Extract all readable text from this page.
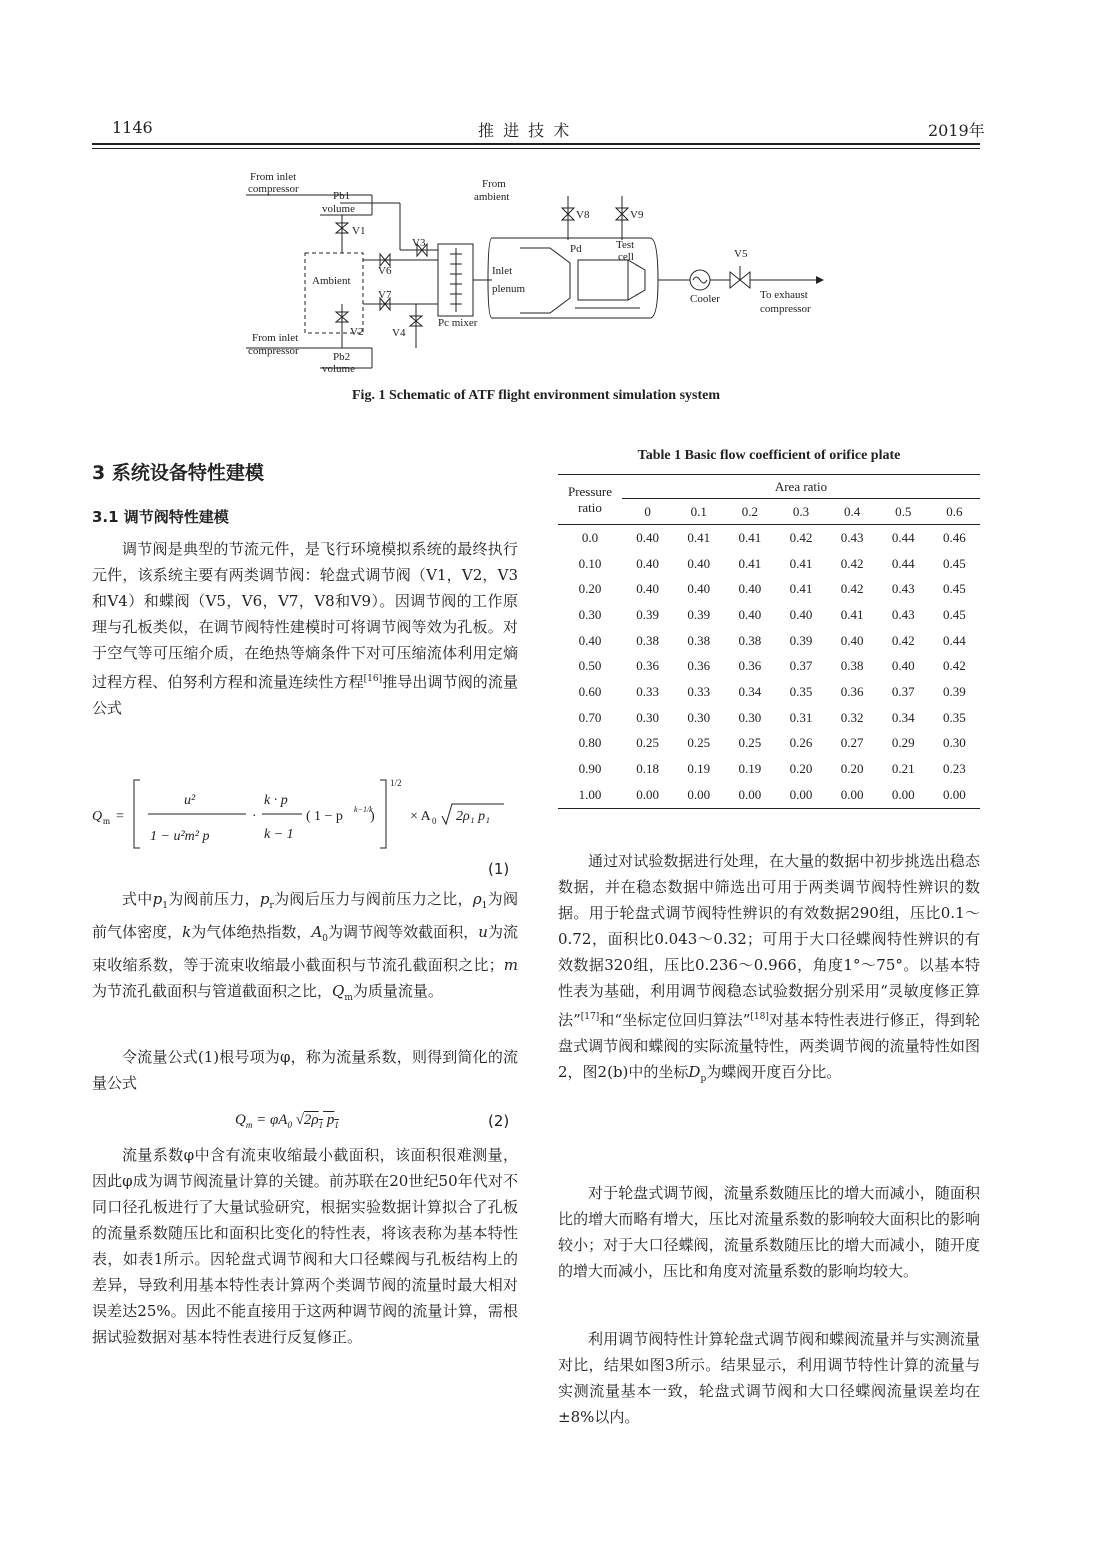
1146	推 进 技 术	2019年
From inlet
compressor
Pb1
volume
V1
Ambient
V6
V7
V3
V2	V4
From inlet
compressor	Pb2
volume
Pc mixer
From
ambient
Inlet
plenum
V8	V9
Pd	Test
cell	V5
Cooler	To exhaust
compressor
Fig. 1 Schematic of ATF flight environment simulation system
3 系统设备特性建模
3.1 调节阀特性建模

调节阀是典型的节流元件，是飞行环境模拟系统的最终执行元件，该系统主要有两类调节阀：轮盘式调节阀（V1，V2，V3和V4）和蝶阀（V5，V6，V7，V8和V9）。因调节阀的工作原理与孔板类似，在调节阀特性建模时可将调节阀等效为孔板。对于空气等可压缩介质，在绝热等熵条件下对可压缩流体利用定熵过程方程、伯努利方程和流量连续性方程[16]推导出调节阀的流量公式

Q m =
u²
1 − u²m² p
·
k · p
k − 1
( 1 − p k−1/k
)
1/2
× A 0 2ρ₁ p₁
(1)

式中$p_1$为阀前压力，$p_r$为阀后压力与阀前压力之比，$\rho_1$为阀前气体密度，k为气体绝热指数，$A_0$为调节阀等效截面积，u为流束收缩系数，等于流束收缩最小截面积与节流孔截面积之比；m为节流孔截面积与管道截面积之比，$Q_m$为质量流量。

令流量公式(1)根号项为φ，称为流量系数，则得到简化的流量公式

$Q_m = \varphi A_0$ $√2\rho_1$ $p_1$	(2)

流量系数φ中含有流束收缩最小截面积，该面积很难测量，因此φ成为调节阀流量计算的关键。前苏联在20世纪50年代对不同口径孔板进行了大量试验研究，根据实验数据计算拟合了孔板的流量系数随压比和面积比变化的特性表，将该表称为基本特性表，如表1所示。因轮盘式调节阀和大口径蝶阀与孔板结构上的差异，导致利用基本特性表计算两个类调节阀的流量时最大相对误差达25%。因此不能直接用于这两种调节阀的流量计算，需根据试验数据对基本特性表进行反复修正。

Table 1 Basic flow coefficient of orifice plate
Pressure
ratio	Area ratio						
	0	0.1	0.2	0.3	0.4	0.5	0.6
0.0	0.40	0.41	0.41	0.42	0.43	0.44	0.46
0.10	0.40	0.40	0.41	0.41	0.42	0.44	0.45
0.20	0.40	0.40	0.40	0.41	0.42	0.43	0.45
0.30	0.39	0.39	0.40	0.40	0.41	0.43	0.45
0.40	0.38	0.38	0.38	0.39	0.40	0.42	0.44
0.50	0.36	0.36	0.36	0.37	0.38	0.40	0.42
0.60	0.33	0.33	0.34	0.35	0.36	0.37	0.39
0.70	0.30	0.30	0.30	0.31	0.32	0.34	0.35
0.80	0.25	0.25	0.25	0.26	0.27	0.29	0.30
0.90	0.18	0.19	0.19	0.20	0.20	0.21	0.23
1.00	0.00	0.00	0.00	0.00	0.00	0.00	0.00

通过对试验数据进行处理，在大量的数据中初步挑选出稳态数据，并在稳态数据中筛选出可用于两类调节阀特性辨识的数据。用于轮盘式调节阀特性辨识的有效数据290组，压比0.1～0.72，面积比0.043～0.32；可用于大口径蝶阀特性辨识的有效数据320组，压比0.236～0.966，角度1°～75°。以基本特性表为基础，利用调节阀稳态试验数据分别采用“灵敏度修正算法”[17]和“坐标定位回归算法”[18]对基本特性表进行修正，得到轮盘式调节阀和蝶阀的实际流量特性，两类调节阀的流量特性如图2，图2(b)中的坐标$D_p$为蝶阀开度百分比。

对于轮盘式调节阀，流量系数随压比的增大而减小，随面积比的增大而略有增大，压比对流量系数的影响较大面积比的影响较小；对于大口径蝶阀，流量系数随压比的增大而减小，随开度的增大而减小，压比和角度对流量系数的影响均较大。

利用调节阀特性计算轮盘式调节阀和蝶阀流量并与实测流量对比，结果如图3所示。结果显示，利用调节特性计算的流量与实测流量基本一致，轮盘式调节阀和大口径蝶阀流量误差均在±8%以内。
